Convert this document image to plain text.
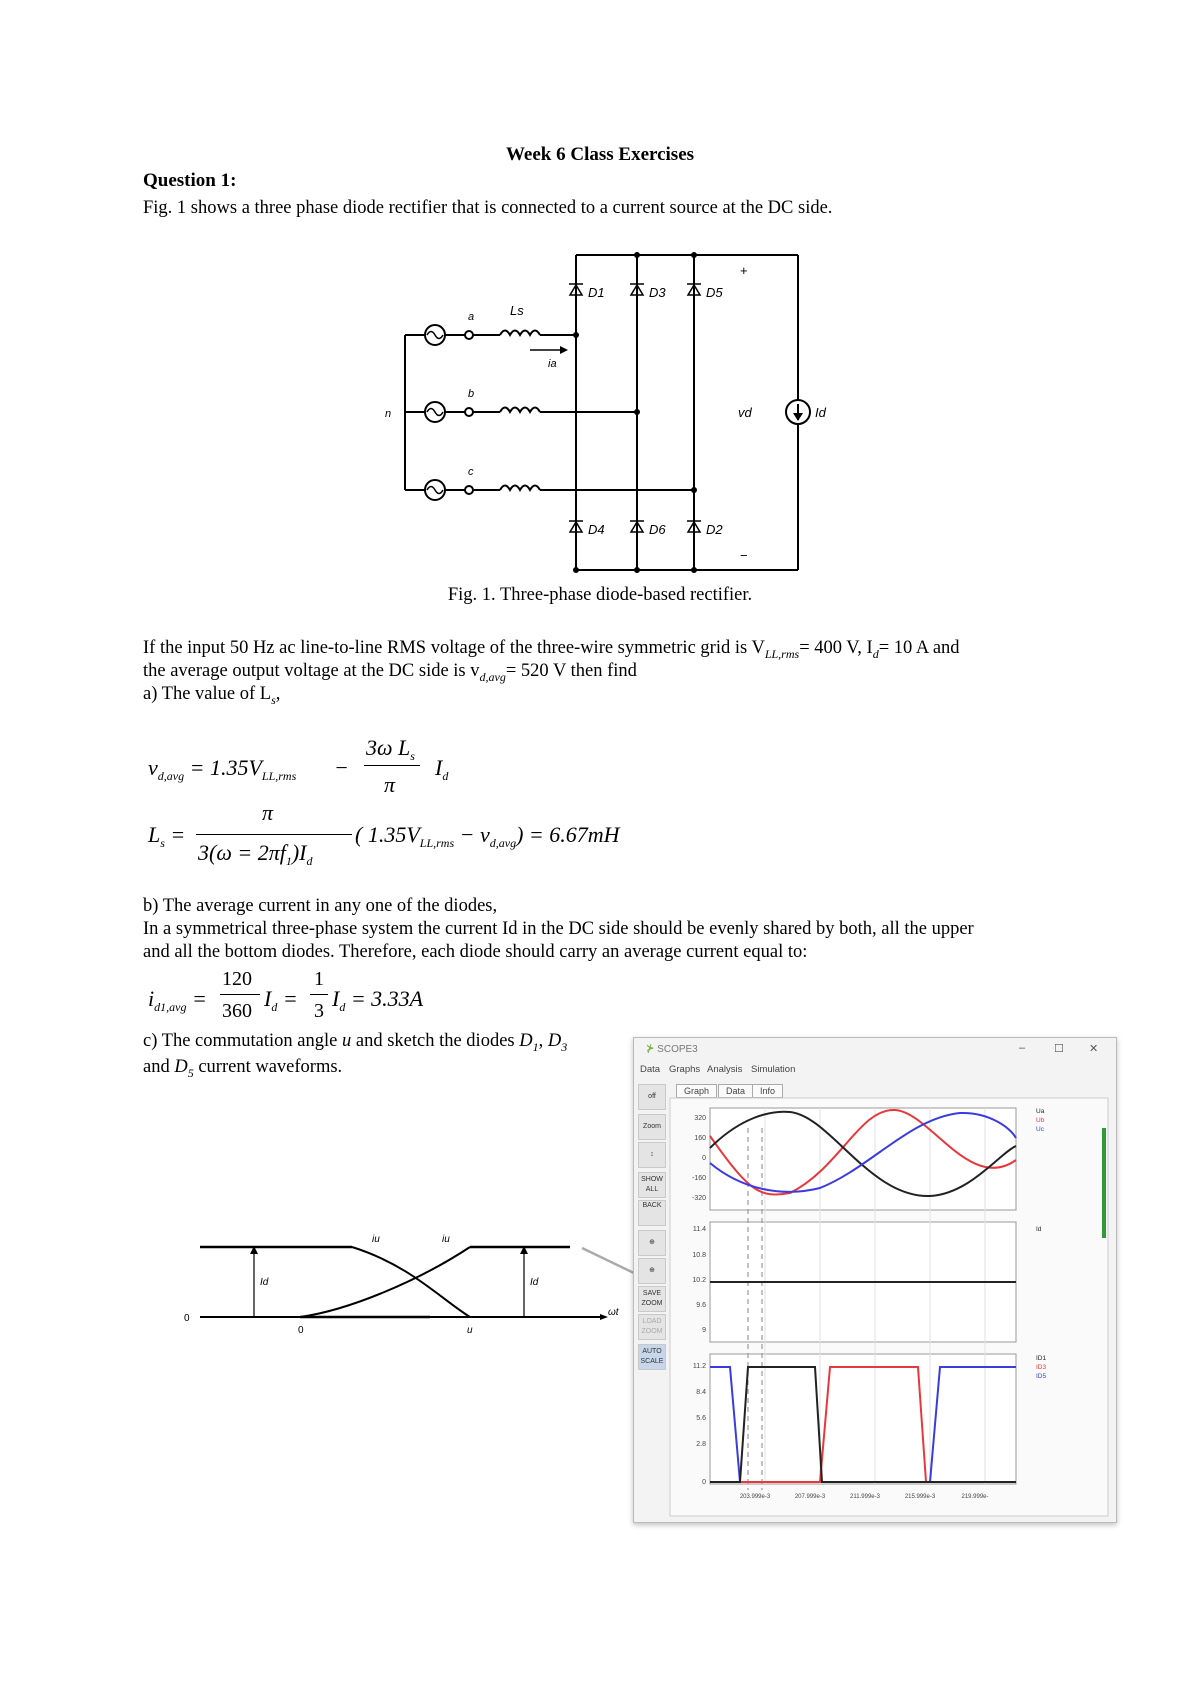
Week 6 Class Exercises
Question 1:
Fig. 1 shows a three phase diode rectifier that is connected to a current source at the DC side.
D1	D3	D5
D4	D6	D2
Ls
ia
a
b
c
n	vd	Id
+
−
Fig. 1. Three-phase diode-based rectifier.
If the input 50 Hz ac line-to-line RMS voltage of the three-wire symmetric grid is $V_{LL,rms}= 400$ V, $I_d= 10$ A and
the average output voltage at the DC side is $v_{d,avg}= 520$ V then find
a) The value of $L_s$,
$v_{d,avg} = 1.35V_{LL,rms}$ −
3ω $L_s$
π
$I_d$
$L_s$ =
π
$3(\omega = 2\pi f_1)I_d$
( $1.35V_{LL,rms} - v_{d,avg}) = 6.67mH$
b) The average current in any one of the diodes,
In a symmetrical three-phase system the current Id in the DC side should be evenly shared by both, all the upper
and all the bottom diodes. Therefore, each diode should carry an average current equal to:
$i_{d1,avg}$ =
120
360 $I_d$ =
1
3 $I_d = 3.33A$
c) The commutation angle u and sketch the diodes $D_1$, $D_3$
and $D_5$ current waveforms.
0
0	u
ωt
Id	Id
iu	iu
⊁ SCOPE3	–	☐ ✕
Data Graphs Analysis Simulation
Graph	Data	Info
off
Zoom
↕
SHOW ALL
BACK
⊕
⊕
SAVE ZOOM
LOAD ZOOM
AUTO SCALE
320
160
0
-160
-320
11.4
10.8
10.2
9.6
9
11.2
8.4
5.6
2.8
0
203.999e-3	207.999e-3	211.999e-3	215.999e-3	219.999e-
Ua
Ub
Uc
Id
ID1
ID3
ID5
